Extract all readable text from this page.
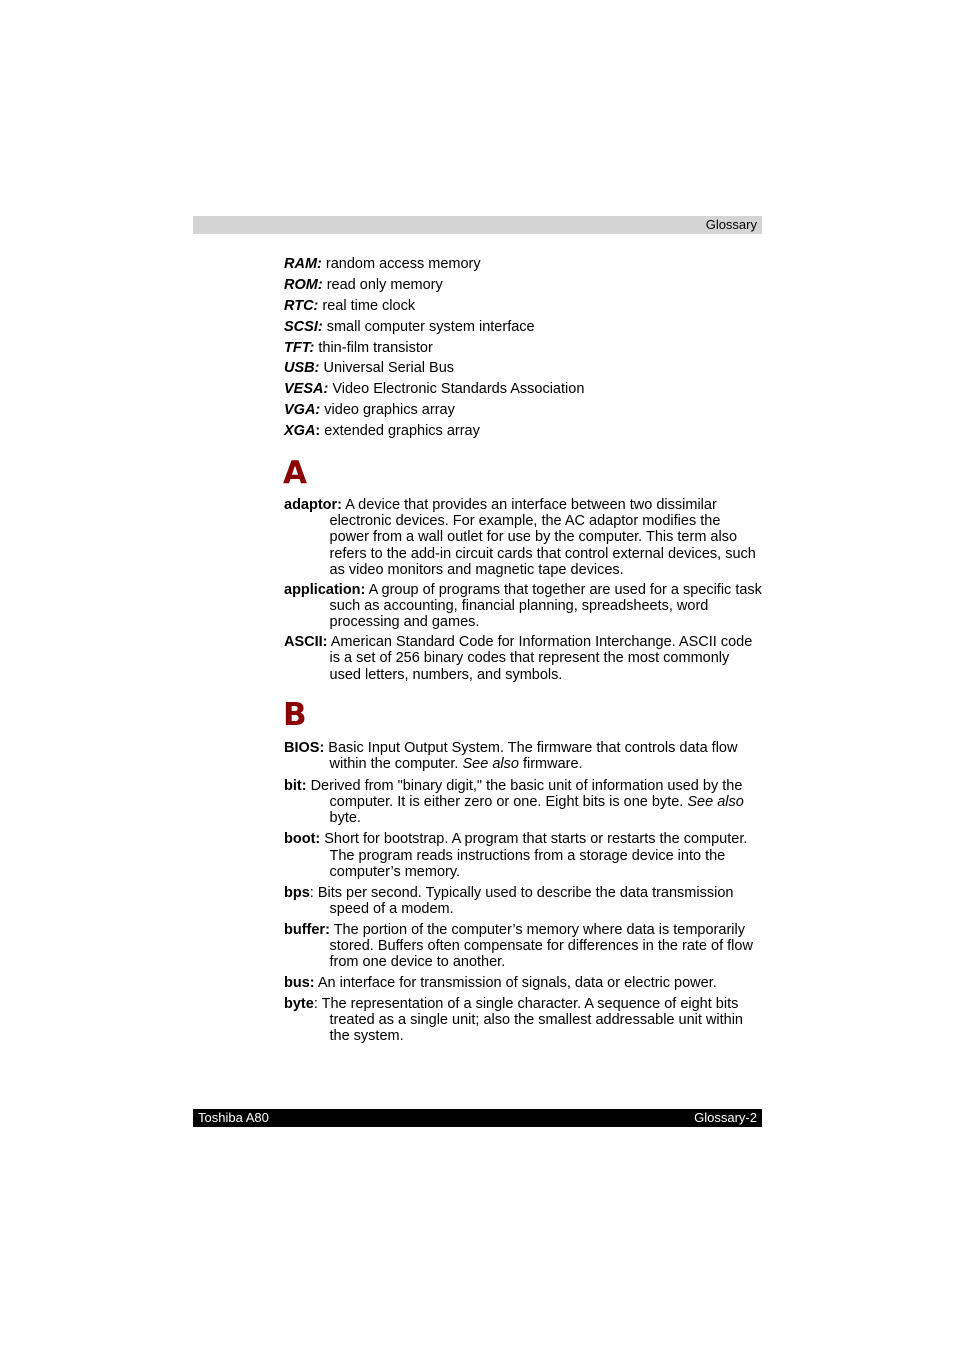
Glossary
RAM: random access memory
ROM: read only memory
RTC: real time clock
SCSI: small computer system interface
TFT: thin-film transistor
USB: Universal Serial Bus
VESA: Video Electronic Standards Association
VGA: video graphics array
XGA: extended graphics array
A
adaptor: A device that provides an interface between two dissimilar electronic devices. For example, the AC adaptor modifies the power from a wall outlet for use by the computer. This term also refers to the add-in circuit cards that control external devices, such as video monitors and magnetic tape devices.
application: A group of programs that together are used for a specific task such as accounting, financial planning, spreadsheets, word processing and games.
ASCII: American Standard Code for Information Interchange. ASCII code is a set of 256 binary codes that represent the most commonly used letters, numbers, and symbols.
B
BIOS: Basic Input Output System. The firmware that controls data flow within the computer. See also firmware.
bit: Derived from "binary digit," the basic unit of information used by the computer. It is either zero or one. Eight bits is one byte. See also byte.
boot: Short for bootstrap. A program that starts or restarts the computer. The program reads instructions from a storage device into the computer’s memory.
bps: Bits per second. Typically used to describe the data transmission speed of a modem.
buffer: The portion of the computer’s memory where data is temporarily stored. Buffers often compensate for differences in the rate of flow from one device to another.
bus: An interface for transmission of signals, data or electric power.
byte: The representation of a single character. A sequence of eight bits treated as a single unit; also the smallest addressable unit within the system.
Toshiba A80	Glossary-2
